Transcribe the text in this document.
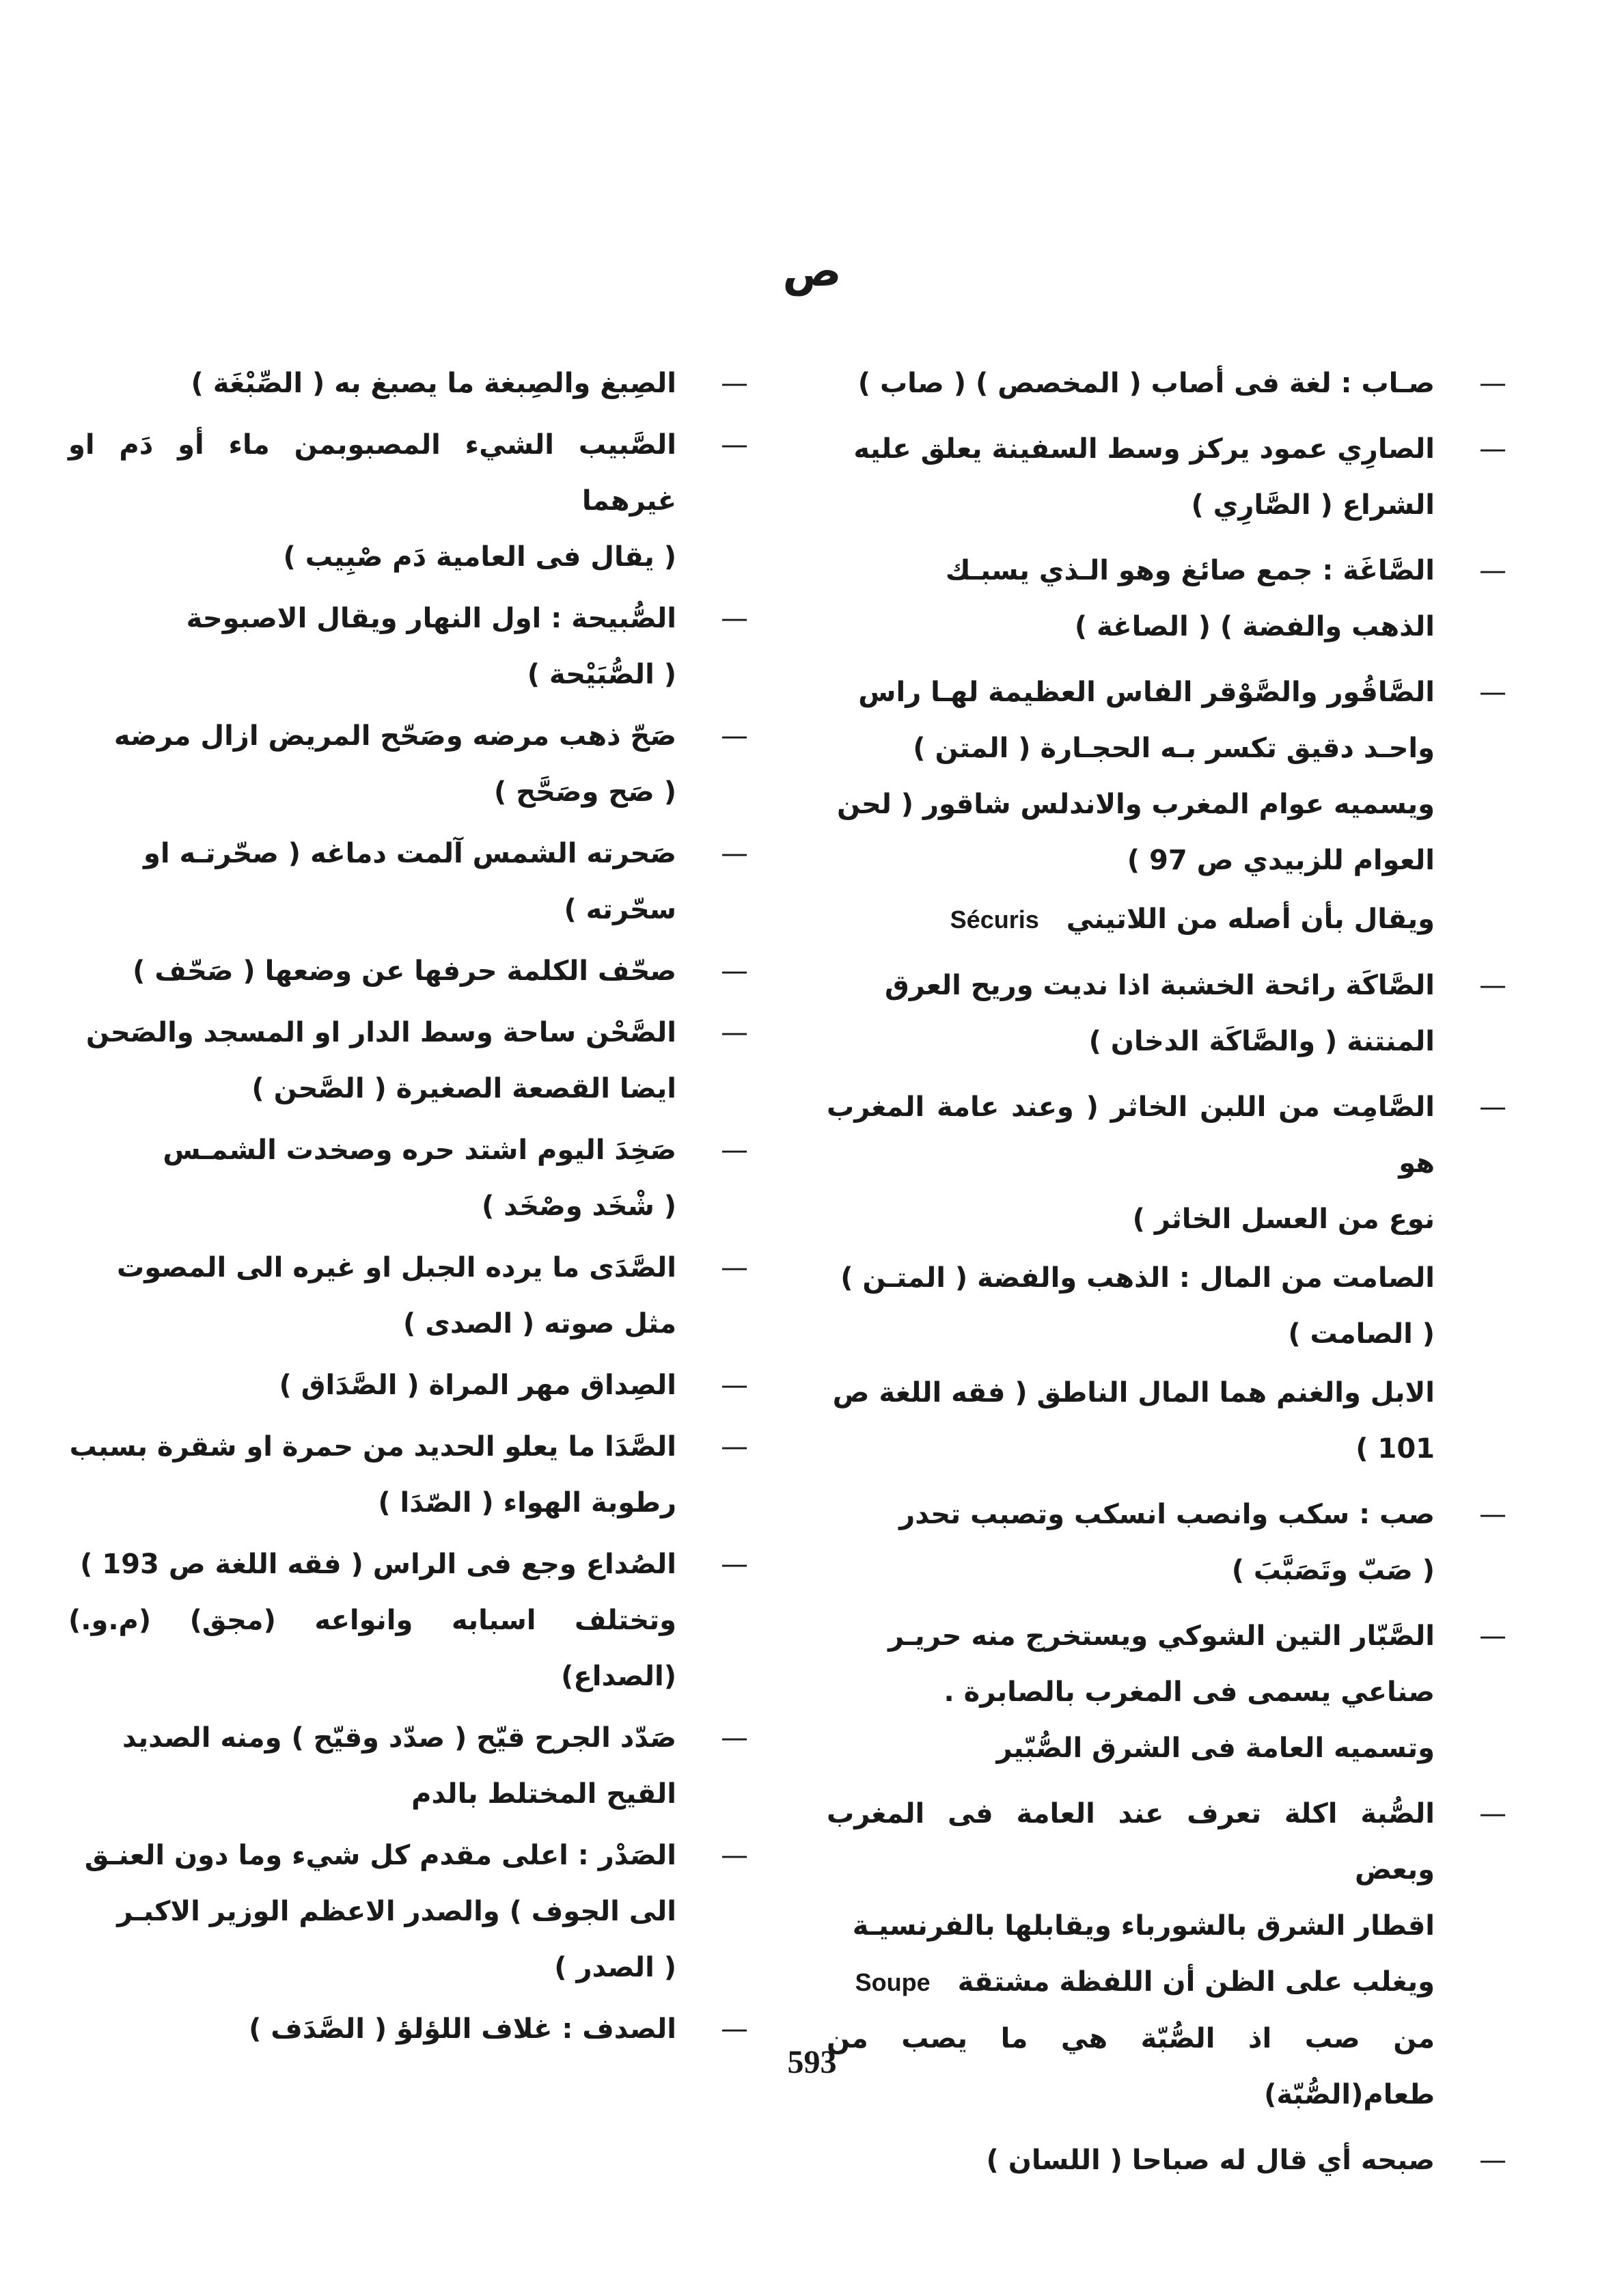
ص
— صـاب : لغة فى أصاب ( المخصص ) ( صاب )
— الصارِي عمود يركز وسط السفينة يعلق عليه
الشراع ( الصَّارِي )
— الصَّاغَة : جمع صائغ وهو الـذي يسبـك
الذهب والفضة ) ( الصاغة )
— الصَّاقُور والصَّوْقر الفاس العظيمة لهـا راس
واحـد دقيق تكسر بـه الحجـارة ( المتن )
ويسميه عوام المغرب والاندلس شاقور ( لحن
العوام للزبيدي ص 97 )
ويقال بأن أصله من اللاتينيSécuris
— الصَّاكَة رائحة الخشبة اذا نديت وريح العرق
المنتنة ( والصَّاكَة الدخان )
— الصَّامِت من اللبن الخاثر ( وعند عامة المغرب هو
نوع من العسل الخاثر )
الصامت من المال : الذهب والفضة ( المتـن )
( الصامت )
الابل والغنم هما المال الناطق ( فقه اللغة ص
101 )
— صب : سكب وانصب انسكب وتصبب تحدر
( صَبّ وتَصَبَّبَ )
— الصَّبّار التين الشوكي ويستخرج منه حريـر
صناعي يسمى فى المغرب بالصابرة .
وتسميه العامة فى الشرق الصُّبّير
— الصُّبة اكلة تعرف عند العامة فى المغرب وبعض
اقطار الشرق بالشوربا‌ء ويقابلها بالفرنسيـة
ويغلب على الظن أن اللفظة مشتقةSoupe
من صب اذ الصُّبّة هي ما يصب من طعام(الصُّبّة)
— صبحه أي قال له صباحا ( اللسان )
— الصِبغ والصِبغة ما يصبغ به ( الصِّبْغَة )
— الصَّبيب الشيء المصبوبمن ماء أو دَم او غيرهما
( يقال فى العامية دَم صْبِيب )
— الصُّبيحة : اول النهار ويقال الاصبوحة
( الصُّبَيْحة )
— صَحّ ذهب مرضه وصَحّح المريض ازال مرضه
( صَح وصَحَّح )
— صَحرته الشمس آلمت دماغه ( صحّرتـه او
سحّرته )
— صحّف الكلمة حرفها عن وضعها ( صَحّف )
— الصَّحْن ساحة وسط الدار او المسجد والصَحن
ايضا القصعة الصغيرة ( الصَّحن )
— صَخِدَ اليوم اشتد حره وصخدت الشمـس
( شْخَد وصْخَد )
— الصَّدَى ما يرده الجبل او غيره الى المصوت
مثل صوته ( الصدى )
— الصِداق مهر المراة ( الصَّدَاق )
— الصَّدَا ما يعلو الحديد من حمرة او شقرة بسبب
رطوبة الهواء ( الصّدَا )
— الصُداع وجع فى الراس ( فقه اللغة ص 193 )
وتختلف اسبابه وانواعه (مجق) (م.و.) (الصداع)
— صَدّد الجرح قيّح ( صدّد وقيّح ) ومنه الصديد
القيح المختلط بالدم
— الصَدْر : اعلى مقدم كل شيء وما دون العنـق
الى الجوف ) والصدر الاعظم الوزير الاكبـر
( الصدر )
— الصدف : غلاف اللؤلؤ ( الصَّدَف )
593
